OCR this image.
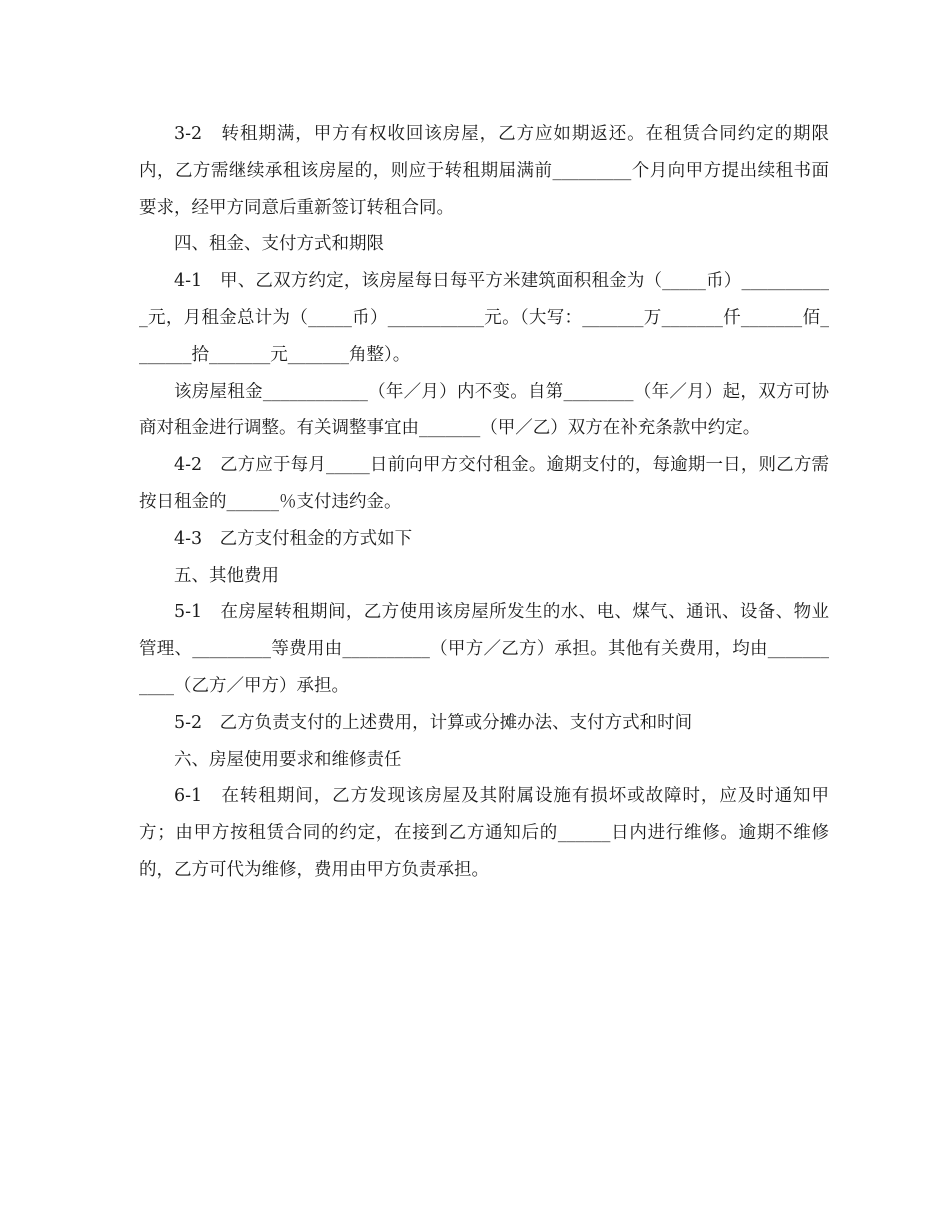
3-2　转租期满，甲方有权收回该房屋，乙方应如期返还。在租赁合同约定的期限内，乙方需继续承租该房屋的，则应于转租期届满前_________个月向甲方提出续租书面要求，经甲方同意后重新签订转租合同。

四、租金、支付方式和期限

4-1　甲、乙双方约定，该房屋每日每平方米建筑面积租金为（_____币）___________元，月租金总计为（_____币）___________元。（大写：_______万_______仟_______佰_______拾_______元_______角整）。

该房屋租金____________（年／月）内不变。自第________（年／月）起，双方可协商对租金进行调整。有关调整事宜由_______（甲／乙）双方在补充条款中约定。

4-2　乙方应于每月_____日前向甲方交付租金。逾期支付的，每逾期一日，则乙方需按日租金的______％支付违约金。

4-3　乙方支付租金的方式如下

五、其他费用

5-1　在房屋转租期间，乙方使用该房屋所发生的水、电、煤气、通讯、设备、物业管理、_________等费用由__________（甲方／乙方）承担。其他有关费用，均由___________（乙方／甲方）承担。

5-2　乙方负责支付的上述费用，计算或分摊办法、支付方式和时间

六、房屋使用要求和维修责任

6-1　在转租期间，乙方发现该房屋及其附属设施有损坏或故障时，应及时通知甲方；由甲方按租赁合同的约定，在接到乙方通知后的______日内进行维修。逾期不维修的，乙方可代为维修，费用由甲方负责承担。
